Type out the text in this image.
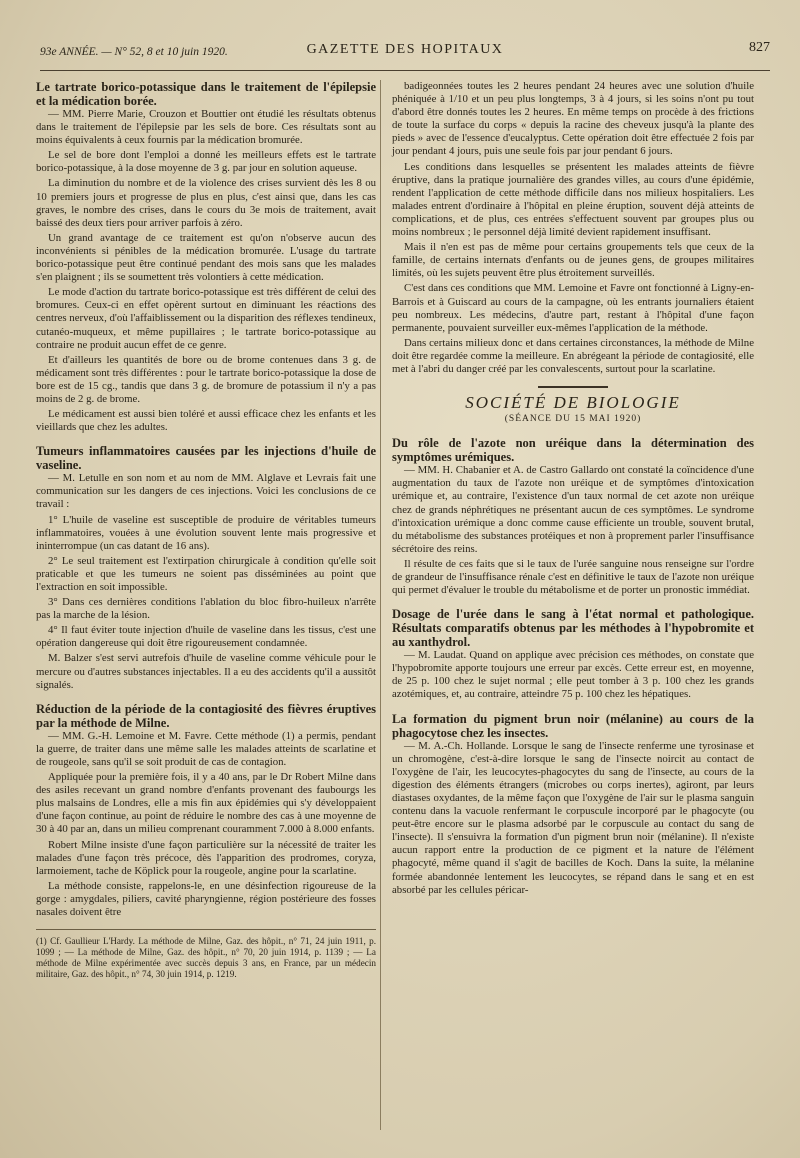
93e ANNÉE. — N° 52, 8 et 10 juin 1920.	GAZETTE DES HOPITAUX	827
Le tartrate borico-potassique dans le traitement de l'épilepsie et la médication borée.

— MM. Pierre Marie, Crouzon et Bouttier ont étudié les résultats obtenus dans le traitement de l'épilepsie par les sels de bore. Ces résultats sont au moins équivalents à ceux fournis par la médication bromurée.

Le sel de bore dont l'emploi a donné les meilleurs effets est le tartrate borico-potassique, à la dose moyenne de 3 g. par jour en solution aqueuse.

La diminution du nombre et de la violence des crises survient dès les 8 ou 10 premiers jours et progresse de plus en plus, c'est ainsi que, dans les cas graves, le nombre des crises, dans le cours du 3e mois de traitement, avait baissé des deux tiers pour arriver parfois à zéro.

Un grand avantage de ce traitement est qu'on n'observe aucun des inconvénients si pénibles de la médication bromurée. L'usage du tartrate borico-potassique peut être continué pendant des mois sans que les malades s'en plaignent ; ils se soumettent très volontiers à cette médication.

Le mode d'action du tartrate borico-potassique est très différent de celui des bromures. Ceux-ci en effet opèrent surtout en diminuant les réactions des centres nerveux, d'où l'affaiblissement ou la disparition des réflexes tendineux, cutanéo-muqueux, et même pupillaires ; le tartrate borico-potassique au contraire ne produit aucun effet de ce genre.

Et d'ailleurs les quantités de bore ou de brome contenues dans 3 g. de médicament sont très différentes : pour le tartrate borico-potassique la dose de bore est de 15 cg., tandis que dans 3 g. de bromure de potassium il n'y a pas moins de 2 g. de brome.

Le médicament est aussi bien toléré et aussi efficace chez les enfants et les vieillards que chez les adultes.

Tumeurs inflammatoires causées par les injections d'huile de vaseline.

— M. Letulle en son nom et au nom de MM. Alglave et Levrais fait une communication sur les dangers de ces injections. Voici les conclusions de ce travail :

1° L'huile de vaseline est susceptible de produire de véritables tumeurs inflammatoires, vouées à une évolution souvent lente mais progressive et ininterrompue (un cas datant de 16 ans).

2° Le seul traitement est l'extirpation chirurgicale à condition qu'elle soit praticable et que les tumeurs ne soient pas disséminées au point que l'extraction en soit impossible.

3° Dans ces dernières conditions l'ablation du bloc fibro-huileux n'arrête pas la marche de la lésion.

4° Il faut éviter toute injection d'huile de vaseline dans les tissus, c'est une opération dangereuse qui doit être rigoureusement condamnée.

M. Balzer s'est servi autrefois d'huile de vaseline comme véhicule pour le mercure ou d'autres substances injectables. Il a eu des accidents qu'il a aussitôt signalés.

Réduction de la période de la contagiosité des fièvres éruptives par la méthode de Milne.

— MM. G.-H. Lemoine et M. Favre. Cette méthode (1) a permis, pendant la guerre, de traiter dans une même salle les malades atteints de scarlatine et de rougeole, sans qu'il se soit produit de cas de contagion.

Appliquée pour la première fois, il y a 40 ans, par le Dr Robert Milne dans des asiles recevant un grand nombre d'enfants provenant des faubourgs les plus malsains de Londres, elle a mis fin aux épidémies qui s'y développaient d'une façon continue, au point de réduire le nombre des cas à une moyenne de 30 à 40 par an, dans un milieu comprenant couramment 7.000 à 8.000 enfants.

Robert Milne insiste d'une façon particulière sur la nécessité de traiter les malades d'une façon très précoce, dès l'apparition des prodromes, coryza, larmoiement, tache de Köplick pour la rougeole, angine pour la scarlatine.

La méthode consiste, rappelons-le, en une désinfection rigoureuse de la gorge : amygdales, piliers, cavité pharyngienne, région postérieure des fosses nasales doivent être

(1) Cf. Gaullieur L'Hardy. La méthode de Milne, Gaz. des hôpit., n° 71, 24 juin 1911, p. 1099 ; — La méthode de Milne, Gaz. des hôpit., n° 70, 20 juin 1914, p. 1139 ; — La méthode de Milne expérimentée avec succès depuis 3 ans, en France, par un médecin militaire, Gaz. des hôpit., n° 74, 30 juin 1914, p. 1219.

badigeonnées toutes les 2 heures pendant 24 heures avec une solution d'huile phéniquée à 1/10 et un peu plus longtemps, 3 à 4 jours, si les soins n'ont pu tout d'abord être donnés toutes les 2 heures. En même temps on procède à des frictions de toute la surface du corps « depuis la racine des cheveux jusqu'à la plante des pieds » avec de l'essence d'eucalyptus. Cette opération doit être effectuée 2 fois par jour pendant 4 jours, puis une seule fois par jour pendant 6 jours.

Les conditions dans lesquelles se présentent les malades atteints de fièvre éruptive, dans la pratique journalière des grandes villes, au cours d'une épidémie, rendent l'application de cette méthode difficile dans nos milieux hospitaliers. Les malades entrent d'ordinaire à l'hôpital en pleine éruption, souvent déjà atteints de complications, et de plus, ces entrées s'effectuent souvent par groupes plus ou moins nombreux ; le personnel déjà limité devient rapidement insuffisant.

Mais il n'en est pas de même pour certains groupements tels que ceux de la famille, de certains internats d'enfants ou de jeunes gens, de groupes militaires limités, où les sujets peuvent être plus étroitement surveillés.

C'est dans ces conditions que MM. Lemoine et Favre ont fonctionné à Ligny-en-Barrois et à Guiscard au cours de la campagne, où les entrants journaliers étaient peu nombreux. Les médecins, d'autre part, restant à l'hôpital d'une façon permanente, pouvaient surveiller eux-mêmes l'application de la méthode.

Dans certains milieux donc et dans certaines circonstances, la méthode de Milne doit être regardée comme la meilleure. En abrégeant la période de contagiosité, elle met à l'abri du danger créé par les convalescents, surtout pour la scarlatine.

SOCIÉTÉ DE BIOLOGIE
(SÉANCE DU 15 MAI 1920)
Du rôle de l'azote non uréique dans la détermination des symptômes urémiques.

— MM. H. Chabanier et A. de Castro Gallardo ont constaté la coïncidence d'une augmentation du taux de l'azote non uréique et de symptômes d'intoxication urémique et, au contraire, l'existence d'un taux normal de cet azote non uréique chez de grands néphrétiques ne présentant aucun de ces symptômes. Le syndrome d'intoxication urémique a donc comme cause efficiente un trouble, souvent brutal, du métabolisme des substances protéiques et non à proprement parler l'insuffisance sécrétoire des reins.

Il résulte de ces faits que si le taux de l'urée sanguine nous renseigne sur l'ordre de grandeur de l'insuffisance rénale c'est en définitive le taux de l'azote non uréique qui permet d'évaluer le trouble du métabolisme et de porter un pronostic immédiat.

Dosage de l'urée dans le sang à l'état normal et pathologique. Résultats comparatifs obtenus par les méthodes à l'hypobromite et au xanthydrol.

— M. Laudat. Quand on applique avec précision ces méthodes, on constate que l'hypobromite apporte toujours une erreur par excès. Cette erreur est, en moyenne, de 25 p. 100 chez le sujet normal ; elle peut tomber à 3 p. 100 chez les grands azotémiques, et, au contraire, atteindre 75 p. 100 chez les hépatiques.

La formation du pigment brun noir (mélanine) au cours de la phagocytose chez les insectes.

— M. A.-Ch. Hollande. Lorsque le sang de l'insecte renferme une tyrosinase et un chromogène, c'est-à-dire lorsque le sang de l'insecte noircit au contact de l'oxygène de l'air, les leucocytes-phagocytes du sang de l'insecte, au cours de la digestion des éléments étrangers (microbes ou corps inertes), agiront, par leurs diastases oxydantes, de la même façon que l'oxygène de l'air sur le plasma sanguin contenu dans la vacuole renfermant le corpuscule incorporé par le phagocyte (ou peut-être encore sur le plasma adsorbé par le corpuscule au contact du sang de l'insecte). Il s'ensuivra la formation d'un pigment brun noir (mélanine). Il n'existe aucun rapport entre la production de ce pigment et la nature de l'élément phagocyté, même quand il s'agit de bacilles de Koch. Dans la suite, la mélanine formée abandonnée lentement les leucocytes, se répand dans le sang et en est absorbé par les cellules péricar-
